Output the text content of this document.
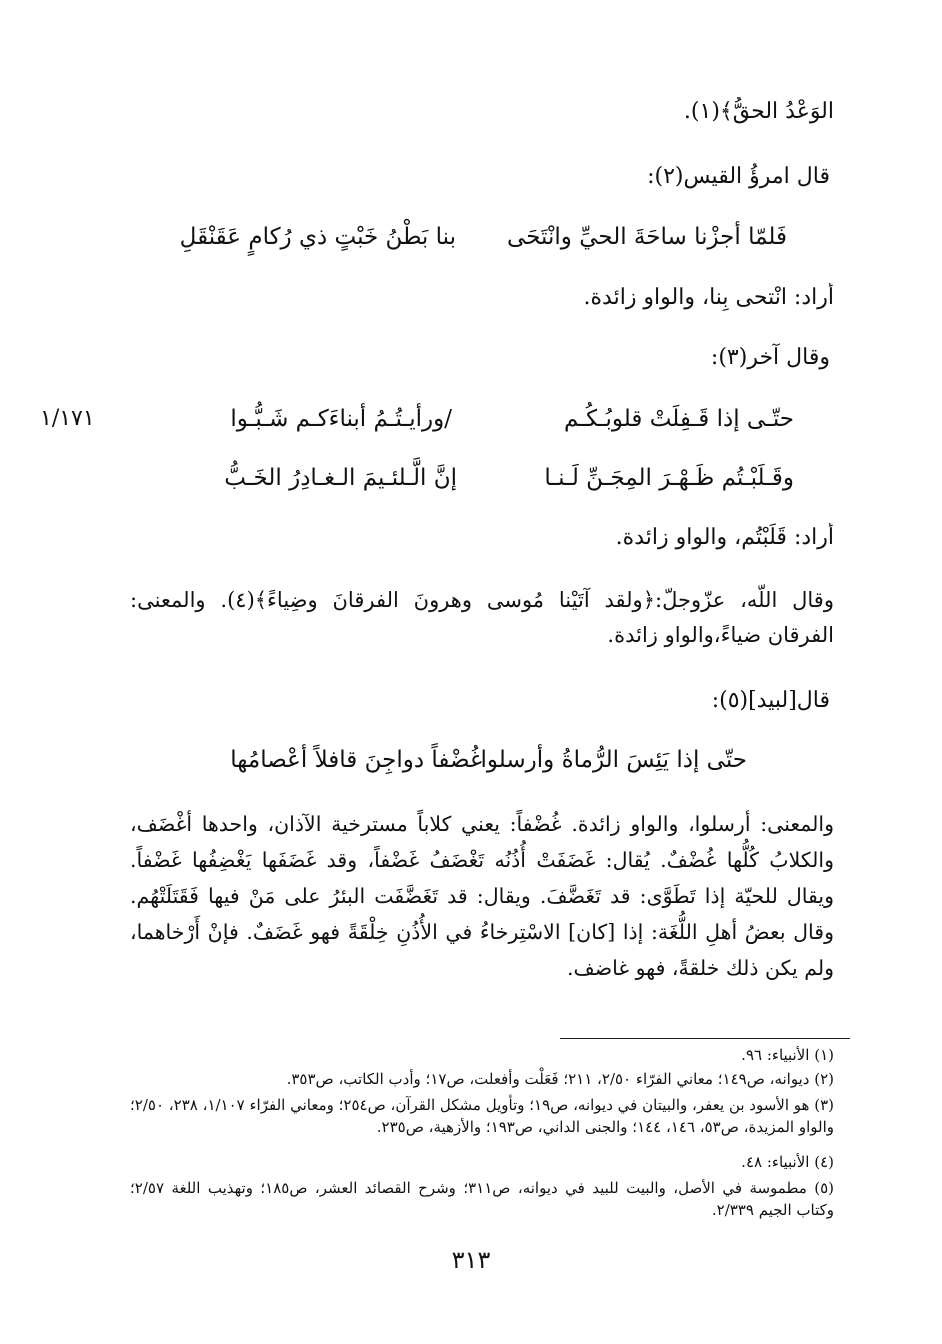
الوَعْدُ الحقُّ﴾(١).
قال امرؤُ القيس(٢):
فَلمّا أجزْنا ساحَةَ الحيِّ وانْتَحَى
بنا بَطْنُ خَبْتٍ ذي رُكامٍ عَقَنْقَلِ
أراد: انْتحى بِنا، والواو زائدة.
وقال آخر(٣):
حتّـى إذا قَـفِلَتْ قلوبُـكُـم
/ورأيـتُـمُ أبناءَكـم شَـبُّـوا
١/١٧١
وقَـلَبْـتُم ظَـهْـرَ المِجَـنِّ لَـنـا
إنَّ الَّـلئـيمَ الـغـادِرُ الخَـبُّ
أراد: قَلَبْتُم، والواو زائدة.
وقال اللّه، عزّوجلّ:﴿ولقد آتَيْنا مُوسى وهرونَ الفرقانَ وضِياءً﴾(٤). والمعنى: الفرقان ضياءً،والواو زائدة.
قال[لبيد](٥):
حتّى إذا يَئِسَ الرُّماةُ وأرسلوا
غُضْفاً دواجِنَ قافلاً أعْصامُها
والمعنى: أرسلوا، والواو زائدة. غُضْفاً: يعني كلاباً مسترخية الآذان، واحدها أغْضَف، والكلابُ كُلُّها غُضْفٌ. يُقال: غَضَفَتْ أُذُنُه تَغْضَفُ غَضْفاً، وقد غَضَفَها يَغْضِفُها غَضْفاً. ويقال للحيّة إذا تَطَوَّى: قد تَغَضَّفَ. ويقال: قد تَغَضَّفَت البئرُ على مَنْ فيها فَقَتَلَتْهُم. وقال بعضُ أهلِ اللُّغَة: إذا [كان] الاسْتِرخاءُ في الأُذُنِ خِلْقَةً فهو غَضَفٌ. فإنْ أَرْخاهما، ولم يكن ذلك خلقةً، فهو غاضف.
(١) الأنبياء: ٩٦.
(٢) ديوانه، ص١٤٩؛ معاني الفرّاء ٢/٥٠، ٢١١؛ فَعَلْت وأفعلت، ص١٧؛ وأدب الكاتب، ص٣٥٣.
(٣) هو الأسود بن يعفر، والبيتان في ديوانه، ص١٩؛ وتأويل مشكل القرآن، ص٢٥٤؛ ومعاني الفرّاء ١/١٠٧، ٢٣٨، ٢/٥٠؛ والواو المزيدة، ص٥٣، ١٤٦، ١٤٤؛ والجنى الداني، ص١٩٣؛ والأزهية، ص٢٣٥.
(٤) الأنبياء: ٤٨.
(٥) مطموسة في الأصل، والبيت للبيد في ديوانه، ص٣١١؛ وشرح القصائد العشر، ص١٨٥؛ وتهذيب اللغة ٢/٥٧؛ وكتاب الجيم ٢/٣٣٩.
٣١٣
